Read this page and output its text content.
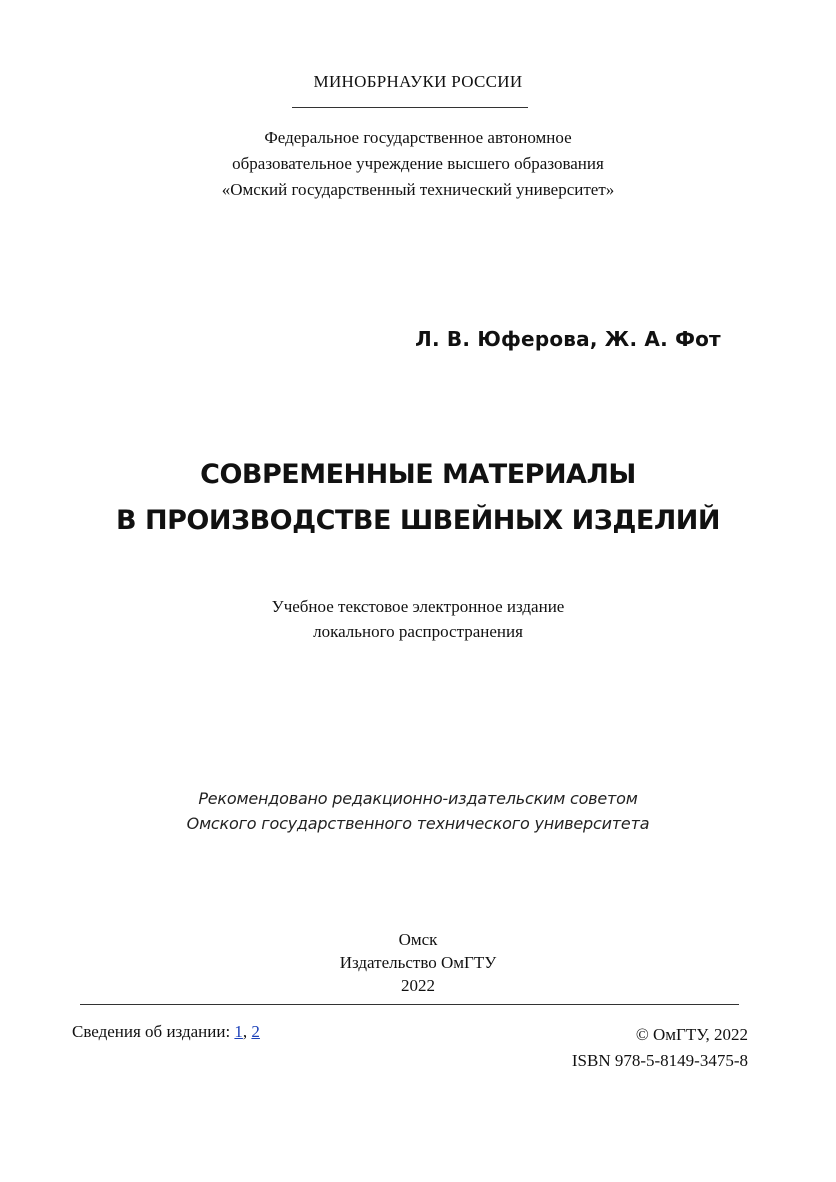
МИНОБРНАУКИ РОССИИ
Федеральное государственное автономное
образовательное учреждение высшего образования
«Омский государственный технический университет»
Л. В. Юферова, Ж. А. Фот
СОВРЕМЕННЫЕ МАТЕРИАЛЫ
В ПРОИЗВОДСТВЕ ШВЕЙНЫХ ИЗДЕЛИЙ
Учебное текстовое электронное издание
локального распространения
Рекомендовано редакционно-издательским советом
Омского государственного технического университета
Омск
Издательство ОмГТУ
2022
Сведения об издании: 1, 2	© ОмГТУ, 2022
ISBN 978-5-8149-3475-8
